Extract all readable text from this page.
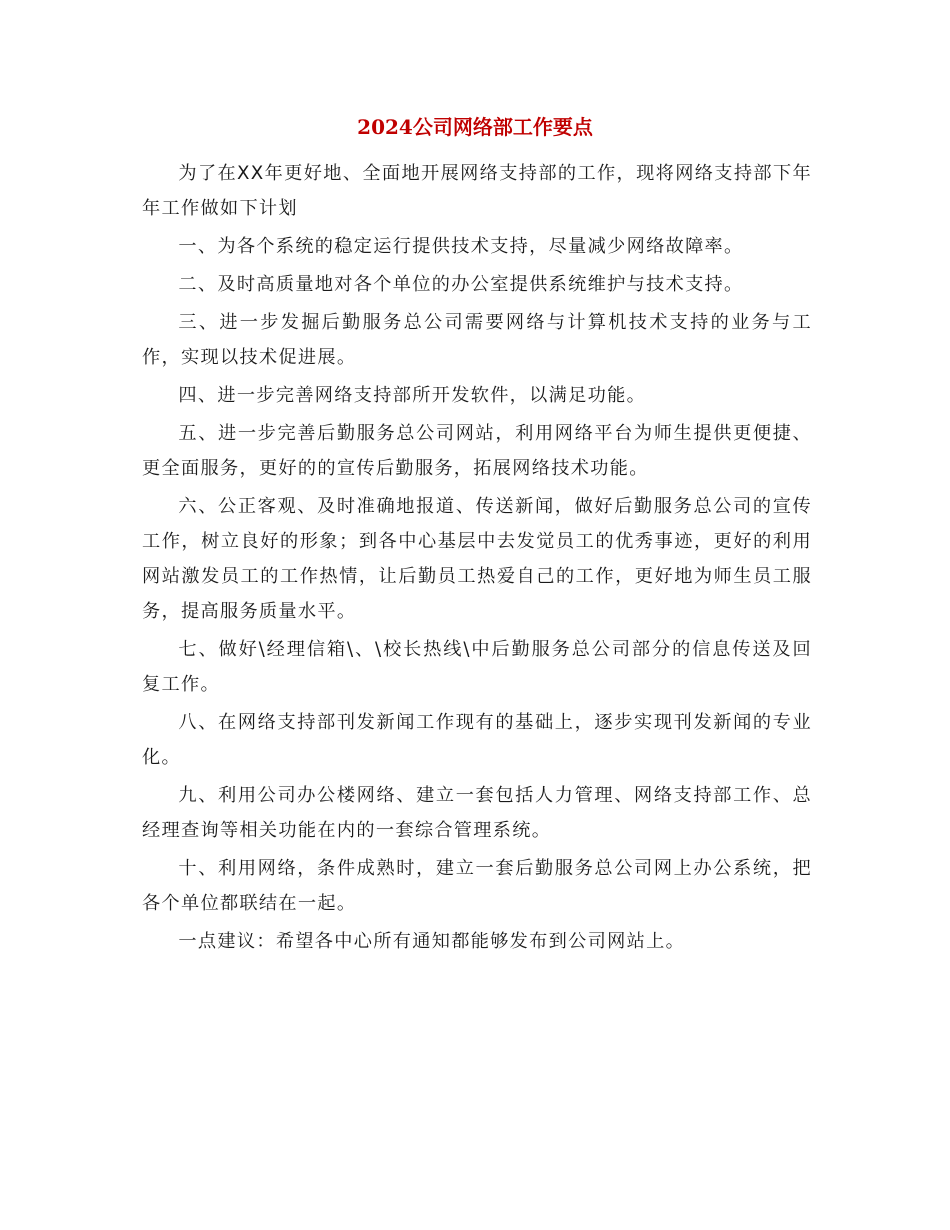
2024公司网络部工作要点

为了在XX年更好地、全面地开展网络支持部的工作，现将网络支持部下年年工作做如下计划

一、为各个系统的稳定运行提供技术支持，尽量减少网络故障率。

二、及时高质量地对各个单位的办公室提供系统维护与技术支持。

三、进一步发掘后勤服务总公司需要网络与计算机技术支持的业务与工作，实现以技术促进展。

四、进一步完善网络支持部所开发软件，以满足功能。

五、进一步完善后勤服务总公司网站，利用网络平台为师生提供更便捷、更全面服务，更好的的宣传后勤服务，拓展网络技术功能。

六、公正客观、及时准确地报道、传送新闻，做好后勤服务总公司的宣传工作，树立良好的形象；到各中心基层中去发觉员工的优秀事迹，更好的利用网站激发员工的工作热情，让后勤员工热爱自己的工作，更好地为师生员工服务，提高服务质量水平。

七、做好\经理信箱\、\校长热线\中后勤服务总公司部分的信息传送及回复工作。

八、在网络支持部刊发新闻工作现有的基础上，逐步实现刊发新闻的专业化。

九、利用公司办公楼网络、建立一套包括人力管理、网络支持部工作、总经理查询等相关功能在内的一套综合管理系统。

十、利用网络，条件成熟时，建立一套后勤服务总公司网上办公系统，把各个单位都联结在一起。

一点建议：希望各中心所有通知都能够发布到公司网站上。
